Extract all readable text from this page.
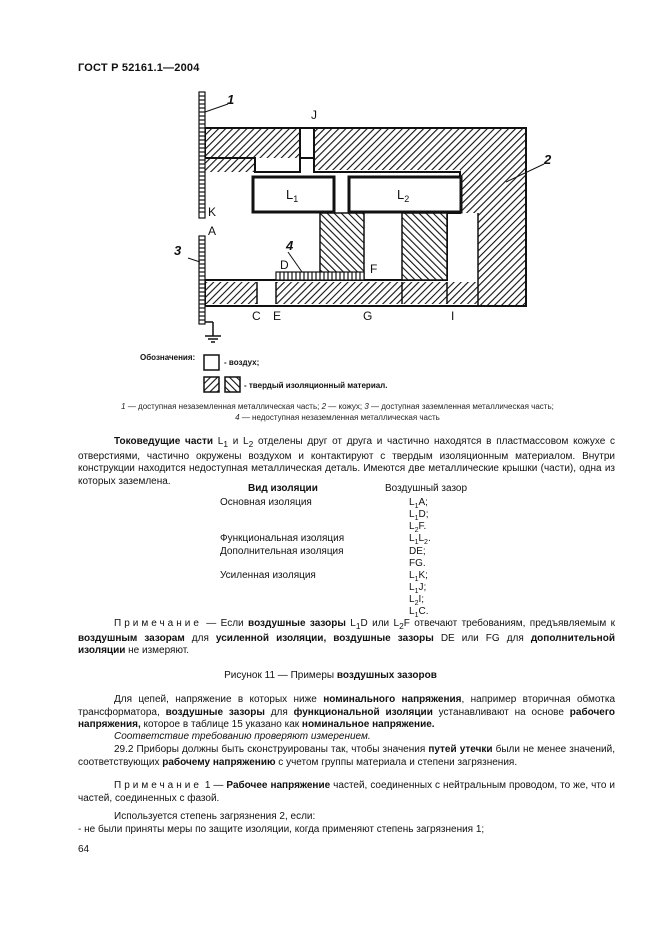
ГОСТ Р 52161.1—2004
1
2
3	4
J
K
A
D	F
C E	G	I
$L_1$	$L_2$
Обозначения:
- воздух;
- твердый изоляционный материал.
1 — доступная незаземленная металлическая часть; 2 — кожух; 3 — доступная заземленная металлическая часть;
4 — недоступная незаземленная металлическая часть
Токоведущие части $L_1$ и $L_2$ отделены друг от друга и частично находятся в пластмассовом кожухе с отверстиями, частично окружены воздухом и контактируют с твердым изоляционным материалом. Внутри конструкции находится недоступная металлическая деталь. Имеются две металлические крышки (части), одна из которых заземлена.
Вид изоляции	Воздушный зазор
Основная изоляция	$L_1A$;
$L_1D$;
$L_2F$.
Функциональная изоляция	$L_1L_2$.
Дополнительная изоляция	DE;
FG.
Усиленная изоляция	$L_1K$;
$L_1J$;
$L_2I$;
$L_1C$.
Примечание — Если воздушные зазоры $L_1D$ или $L_2F$ отвечают требованиям, предъявляемым к воздушным зазорам для усиленной изоляции, воздушные зазоры DE или FG для дополнительной изоляции не измеряют.
Рисунок 11 — Примеры воздушных зазоров
Для цепей, напряжение в которых ниже номинального напряжения, например вторичная обмотка трансформатора, воздушные зазоры для функциональной изоляции устанавливают на основе рабочего напряжения, которое в таблице 15 указано как номинальное напряжение.
Соответствие требованию проверяют измерением.
29.2 Приборы должны быть сконструированы так, чтобы значения путей утечки были не менее значений, соответствующих рабочему напряжению с учетом группы материала и степени загрязнения.
Примечание 1 — Рабочее напряжение частей, соединенных с нейтральным проводом, то же, что и частей, соединенных с фазой.
Используется степень загрязнения 2, если:
- не были приняты меры по защите изоляции, когда применяют степень загрязнения 1;
64
